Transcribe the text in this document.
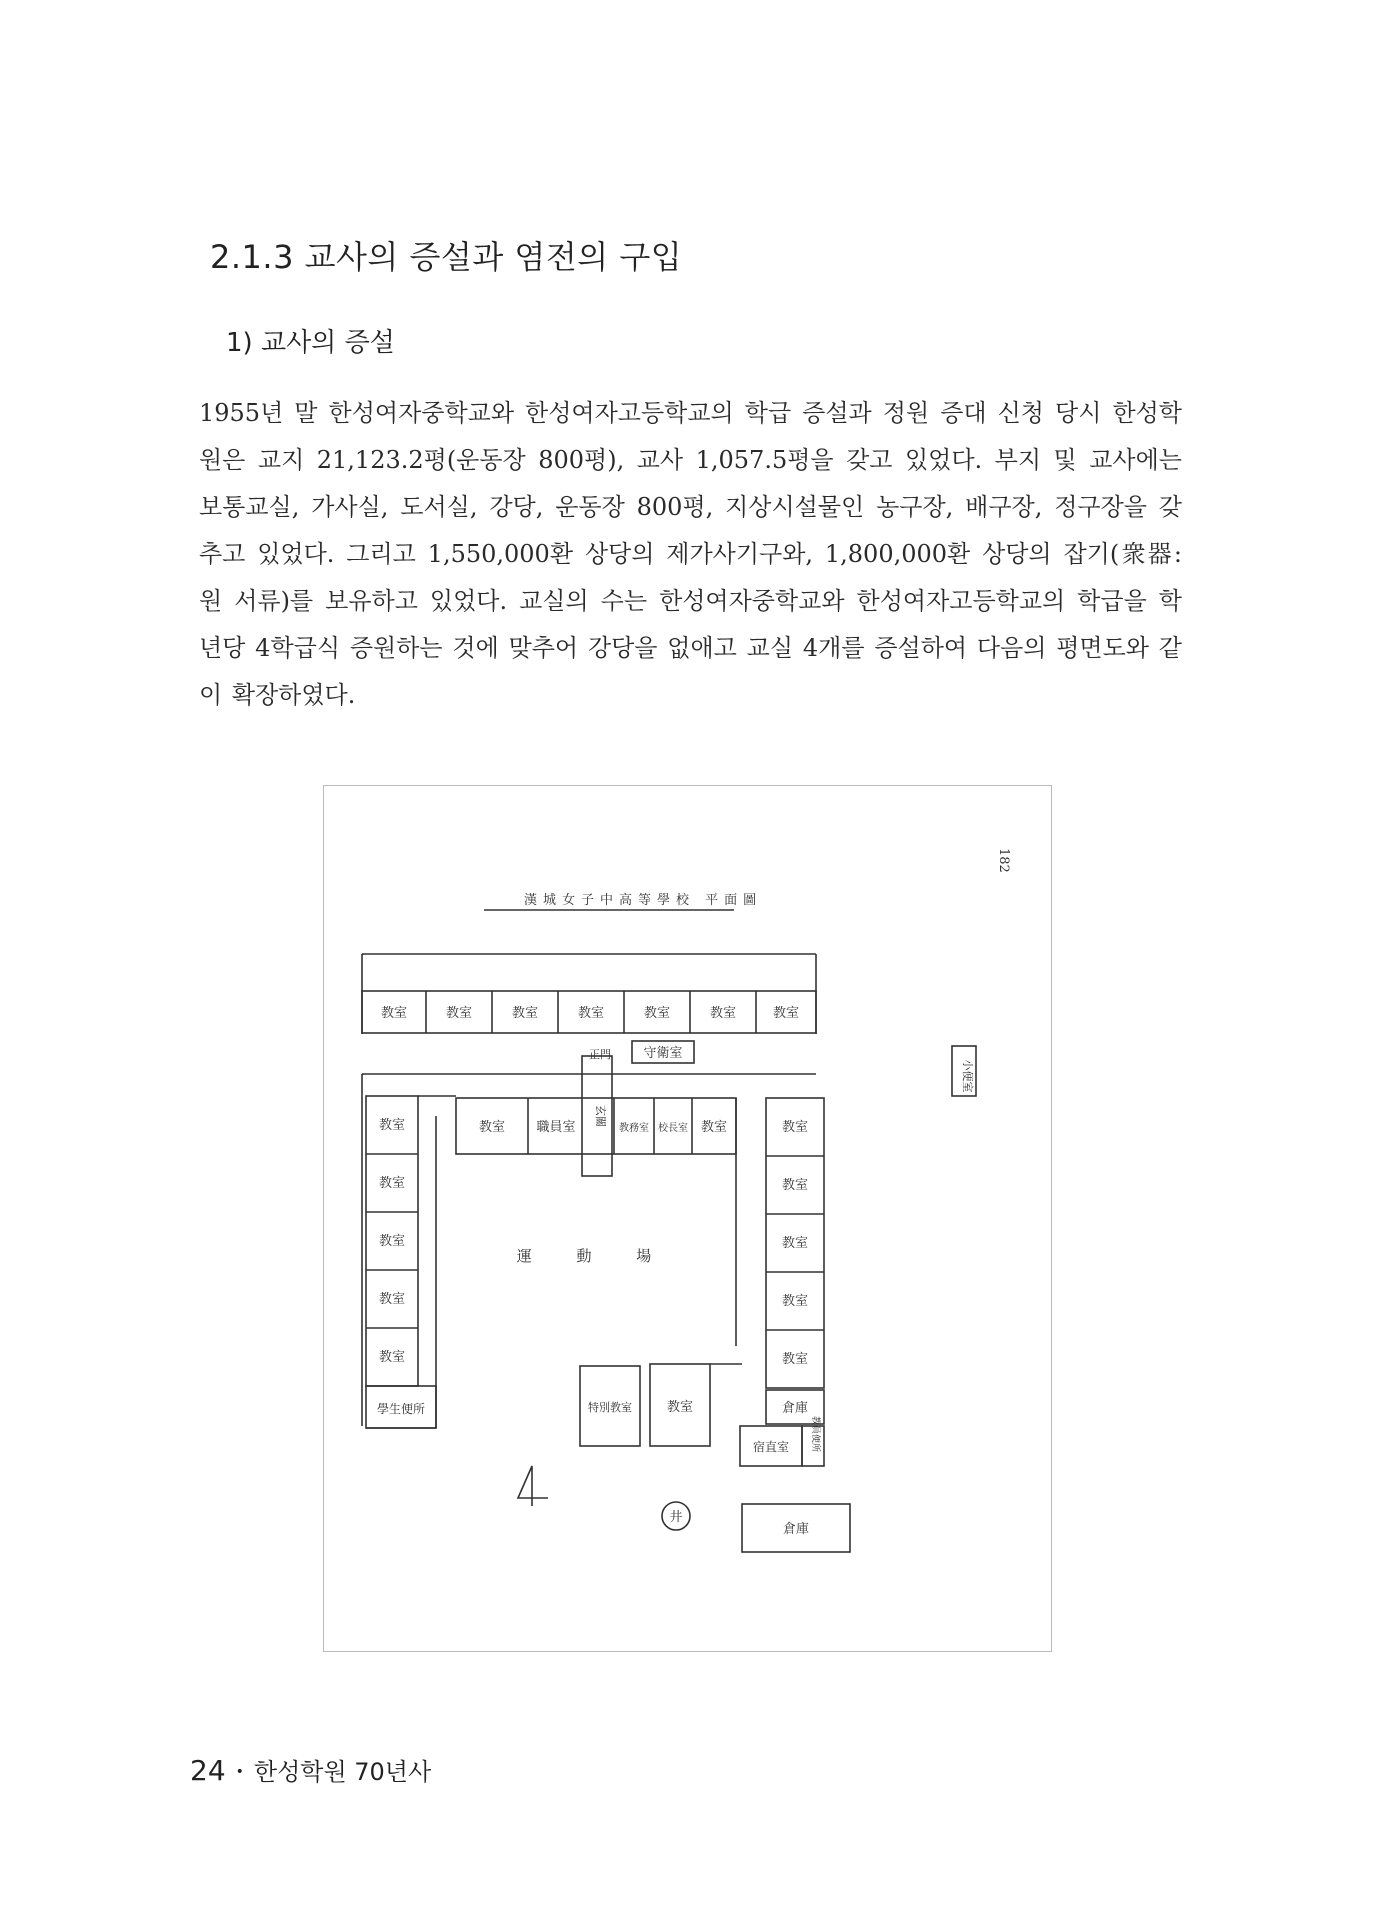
2.1.3 교사의 증설과 염전의 구입
1) 교사의 증설

1955년 말 한성여자중학교와 한성여자고등학교의 학급 증설과 정원 증대 신청 당시 한성학원은 교지 21,123.2평(운동장 800평), 교사 1,057.5평을 갖고 있었다. 부지 및 교사에는 보통교실, 가사실, 도서실, 강당, 운동장 800평, 지상시설물인 농구장, 배구장, 정구장을 갖추고 있었다. 그리고 1,550,000환 상당의 제가사기구와, 1,800,000환 상당의 잡기(衆器: 원 서류)를 보유하고 있었다. 교실의 수는 한성여자중학교와 한성여자고등학교의 학급을 학년당 4학급식 증원하는 것에 맞추어 강당을 없애고 교실 4개를 증설하여 다음의 평면도와 같이 확장하였다.

182
漢城女子中高等學校 平面圖
教室	教室	教室	教室	教室	教室	教室
正門 守衛室
小便室
玄關
教室 職員室	教務室 校長室 教室
教室
教室
教室
教室
教室
學生便所
教室
教室
教室
教室
教室
運 動 場
特別教室	教室	倉庫
宿直室 教員便所
井
倉庫
24 • 한성학원 70년사
